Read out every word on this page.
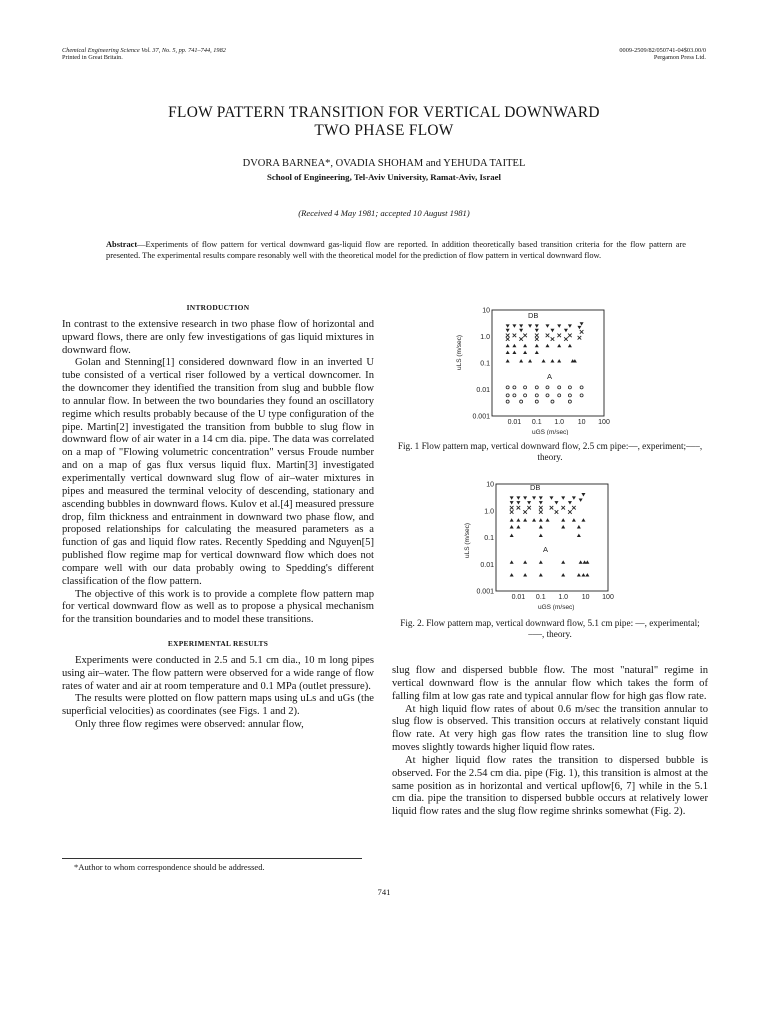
Chemical Engineering Science Vol. 37, No. 5, pp. 741–744, 1982
Printed in Great Britain.
0009-2509/82/050741-04$03.00/0
Pergamon Press Ltd.
FLOW PATTERN TRANSITION FOR VERTICAL DOWNWARD
TWO PHASE FLOW
DVORA BARNEA*, OVADIA SHOHAM and YEHUDA TAITEL
School of Engineering, Tel-Aviv University, Ramat-Aviv, Israel
(Received 4 May 1981; accepted 10 August 1981)
Abstract—Experiments of flow pattern for vertical downward gas-liquid flow are reported. In addition theoretically based transition criteria for the flow pattern are presented. The experimental results compare resonably well with the theoretical model for the prediction of flow pattern in vertical downward flow.
INTRODUCTION

In contrast to the extensive research in two phase flow of horizontal and upward flows, there are only few investigations of gas liquid mixtures in downward flow.

Golan and Stenning[1] considered downward flow in an inverted U tube consisted of a vertical riser followed by a vertical downcomer. In the downcomer they identified the transition from slug and bubble flow to annular flow. In between the two boundaries they found an oscillatory regime which results probably because of the U type configuration of the pipe. Martin[2] investigated the transition from bubble to slug flow in downward flow of air water in a 14 cm dia. pipe. The data was correlated on a map of "Flowing volumetric concentration" versus Froude number and on a map of gas flux versus liquid flux. Martin[3] investigated experimentally vertical downward slug flow of air–water mixtures in pipes and measured the terminal velocity of descending, stationary and ascending bubbles in downward flows. Kulov et al.[4] measured pressure drop, film thickness and entrainment in downward two phase flow, and proposed relationships for calculating the measured parameters as a function of gas and liquid flow rates. Recently Spedding and Nguyen[5] published flow regime map for vertical downward flow which does not compare well with our data probably owing to Spedding's different classification of the flow pattern.

The objective of this work is to provide a complete flow pattern map for vertical downward flow as well as to propose a physical mechanism for the transition boundaries and to model these transitions.

EXPERIMENTAL RESULTS

Experiments were conducted in 2.5 and 5.1 cm dia., 10 m long pipes using air–water. The flow pattern were observed for a wide range of flow rates of water and air at room temperature and 0.1 MPa (outlet pressure).

The results were plotted on flow pattern maps using uLs and uGs (the superficial velocities) as coordinates (see Figs. 1 and 2).

Only three flow regimes were observed: annular flow,

0.001
0.01
0.1
1.0
10
0.01 0.1 1.0 10 100
DB
A
uLS (m/sec)
uGS (m/sec)
Fig. 1 Flow pattern map, vertical downward flow, 2.5 cm pipe:—, experiment;–––, theory.
0.001
0.01
0.1
1.0
10
0.01 0.1 1.0 10 100
DB
A
uLS (m/sec)
uGS (m/sec)
Fig. 2. Flow pattern map, vertical downward flow, 5.1 cm pipe: —, experimental; –––, theory.

slug flow and dispersed bubble flow. The most "natural" regime in vertical downward flow is the annular flow which takes the form of falling film at low gas rate and typical annular flow for high gas flow rate.

At high liquid flow rates of about 0.6 m/sec the transition annular to slug flow is observed. This transition occurs at relatively constant liquid flow rate. At very high gas flow rates the transition line to slug flow moves slightly towards higher liquid flow rates.

At higher liquid flow rates the transition to dispersed bubble is observed. For the 2.54 cm dia. pipe (Fig. 1), this transition is almost at the same position as in horizontal and vertical upflow[6, 7] while in the 5.1 cm dia. pipe the transition to dispersed bubble occurs at relatively lower liquid flow rates and the slug flow regime shrinks somewhat (Fig. 2).

*Author to whom correspondence should be addressed.
741
